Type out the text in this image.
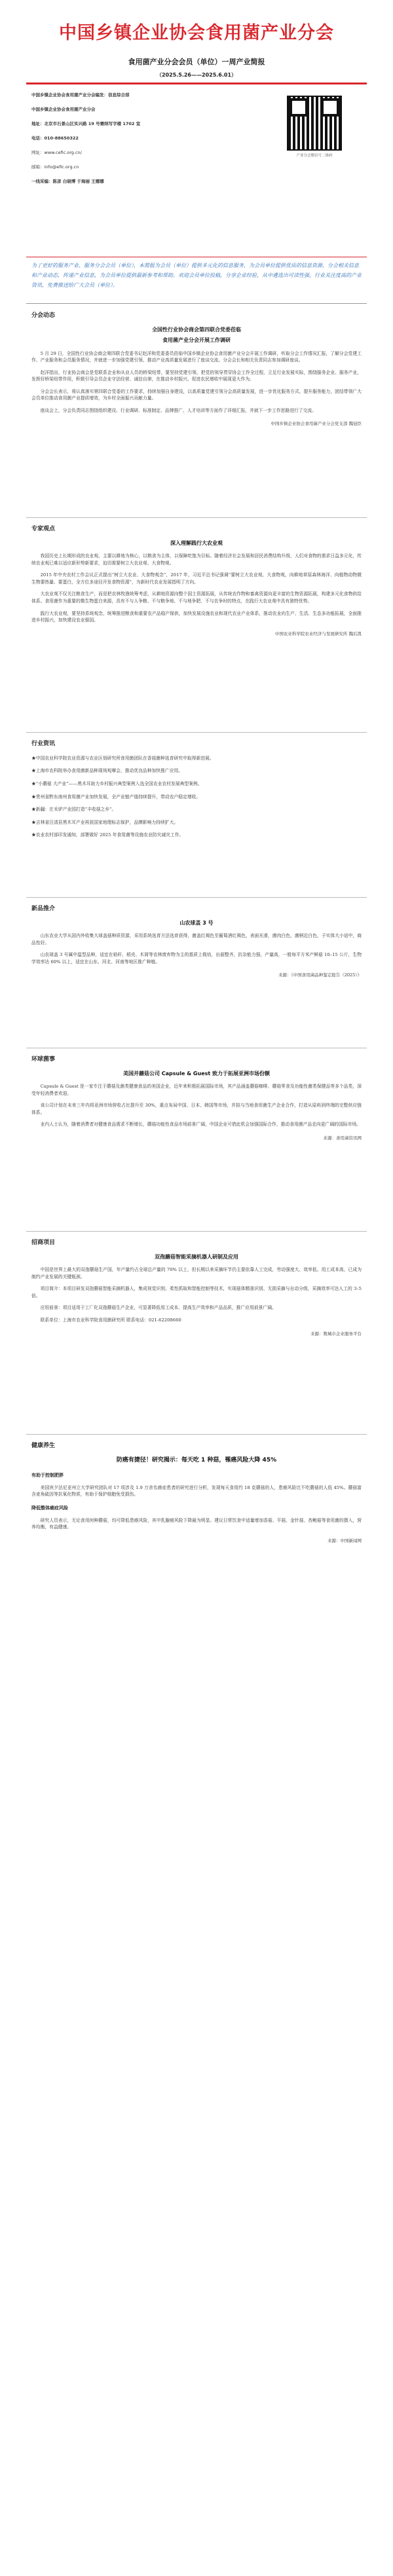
中国乡镇企业协会食用菌产业分会
食用菌产业分会会员（单位）一周产业简报
（2025.5.26——2025.6.01）
中国乡镇企业协会食用菌产业分会编发：信息综合部
中国乡镇企业协会食用菌产业分会
地址：北京市石景山区实兴路 19 号赛纳写字楼 1702 室
电话：010-88650322
网址：www.cefic.org.cn/
邮箱：info@efic.org.cn
一线采编：陈彦 白晓博 于海丽 王娜娜
产业分会微信号二维码
为了更好的服务产业、服务分会会员（单位），本简报为会员（单位）提供多元化的信息服务，为会员单位提供优质的信息资源，分会相关信息和产业动态，传递产业信息，为会员单位提供最新参考和帮助。欢迎会员单位投稿，分享企业经验，从中遴选出可读性强、行业关注度高的产业资讯，免费推送给广大会员（单位）。
分会动态
全国性行业协会商会第四联合党委莅临
食用菌产业分会开展工作调研
5 月 29 日，全国性行业协会商会第四联合党委书记赵洋和党委委员莅临中国乡镇企业协会食用菌产业分会开展工作调研，听取分会工作情况汇报，了解分会党建工作、产业服务和会员服务情况，并就进一步加强党建引领、推动产业高质量发展进行了座谈交流。分会会长和相关负责同志参加调研座谈。
赵洋指出，行业协会商会是党联系企业和从业人员的桥梁纽带，要坚持党建引领，把党的领导贯穿协会工作全过程，立足行业发展实际，围绕服务企业、服务产业，发挥好桥梁纽带作用，积极引导会员企业守法经营、诚信自律，在推动乡村振兴、促进农民增收中展现更大作为。
分会会长表示，将认真落实第四联合党委的工作要求，持续加强自身建设，以高质量党建引领分会高质量发展，进一步优化服务方式、提升服务能力，团结带领广大会员单位推动食用菌产业提质增效，为乡村全面振兴贡献力量。
座谈会上，分会负责同志围绕组织建设、行业调研、标准制定、品牌推广、人才培训等方面作了详细汇报，并就下一步工作思路进行了交流。
中国乡镇企业协会食用菌产业分会党支部 魏冠臣
专家观点
深入理解践行大农业观
我国历史上长期形成的农业观，主要以耕地为核心，以粮食为主体，以保障吃饱为目标。随着经济社会发展和居民消费结构升级，人们对食物的需求日益多元化，传统农业观已难以适应新形势新要求，迫切需要树立大农业观、大食物观。
2015 年中央农村工作会议正式提出“树立大农业、大食物观念”，2017 年，习近平总书记强调“要树立大农业观、大食物观，向耕地草原森林海洋、向植物动物微生物要热量、要蛋白，全方位多途径开发食物资源”，为新时代农业发展指明了方向。
大农业观不仅关注粮食生产，而是把农林牧渔统筹考虑，从耕地资源向整个国土资源拓展，从传统农作物和畜禽资源向更丰富的生物资源拓展，构建多元化食物供给体系。食用菌作为重要的微生物蛋白来源，具有不与人争粮、不与粮争地、不与地争肥、不与农争时的特点，在践行大农业观中具有独特优势。
践行大农业观，要坚持系统观念，统筹推进粮食和重要农产品稳产保供，加快发展设施农业和现代农业产业体系，推动农业向生产、生活、生态多功能拓展，全面推进乡村振兴，加快建设农业强国。
中国农业科学院农业经济与发展研究所 魏后凯
行业资讯
★中国农业科学院农业资源与农业区划研究所食用菌团队在香菇菌种选育研究中取得新进展。
★上海市农科院举办食用菌新品种现场观摩会，推动优良品种加快推广应用。
★“小蘑菇 大产业”——黑木耳助力乡村振兴典型案例入选全国农业农村发展典型案例。
★贵州省黔东南州食用菌产业加快发展，全产业链产值持续提升，带动农户稳定增收。
★新疆：庄禾驴产业园打造“丰收菇之乡”。
★吉林省汪清县黑木耳产业再获国家地理标志保护，品牌影响力持续扩大。
★农业农村部印发通知，部署做好 2025 年食用菌等设施农业防灾减灾工作。
新品推介
山农球盖 3 号
山东农业大学从国内外收集大球盖菇种质资源，采用系统选育方法选育获得，菌盖红褐色至葡萄酒红褐色，表面光滑，菌肉白色，菌柄近白色，子实体大小适中，商品性好。
山农球盖 3 号属中温型品种，适宜在秸秆、稻壳、木屑等农林废弃物为主的基质上栽培，出菇整齐，抗杂能力强，产量高，一般每平方米产鲜菇 10–15 公斤，生物学效率达 60% 以上，适宜在山东、河北、河南等地区推广种植。
来源：《中国食用菌品种鉴定报告（2025）》
环球菌事
美国并蘑菇公司 Capsule & Guest 致力于拓展亚洲市场份额
Capsule & Guest 是一家专注于蘑菇及菌类健康食品的美国企业，近年来积极拓展国际市场，其产品涵盖蘑菇咖啡、蘑菇零食及功能性菌类保健品等多个品类，深受年轻消费者欢迎。
该公司计划在未来三年内将亚洲市场营收占比提升至 30%，重点布局中国、日本、韩国等市场，并拟与当地食用菌生产企业合作，打造从原料到终端的完整供应链体系。
业内人士认为，随着消费者对健康食品需求不断增长，蘑菇功能性食品市场前景广阔，中国企业可借此机会加强国际合作，推动食用菌产品走向更广阔的国际市场。
来源：食用菌资讯网
招商项目
双孢蘑菇智能采摘机器人研制及应用
中国是世界上最大的双孢蘑菇生产国，年产量约占全球总产量的 70% 以上，但长期以来采摘环节仍主要依靠人工完成，劳动强度大、效率低、用工成本高，已成为制约产业发展的关键瓶颈。
项目简介：本项目研发双孢蘑菇智能采摘机器人，集成视觉识别、柔性抓取和智能控制等技术，实现菇体精准识别、无损采摘与自动分级，采摘效率可达人工的 3–5 倍。
应用前景：项目适用于工厂化双孢蘑菇生产企业，可显著降低用工成本、提高生产效率和产品品质，推广应用前景广阔。
联系单位：上海市农业科学院食用菌研究所 联系电话：021-62208660
来源：数城市企业服务平台
健康养生
防癌有捷径！研究揭示：每天吃 1 种菇，罹癌风险大降 45%
有助于控制肥胖
美国宾夕法尼亚州立大学研究团队对 17 项涉及 1.9 万余名癌症患者的研究进行分析，发现每天食用约 18 克蘑菇的人，患癌风险比不吃蘑菇的人低 45%。蘑菇富含麦角硫因等抗氧化物质，有助于保护细胞免受损伤。
降低整体癌症风险
研究人员表示，无论食用何种蘑菇，均可降低患癌风险，其中乳腺癌风险下降最为明显。建议日常饮食中适量增加香菇、平菇、金针菇、杏鲍菇等食用菌的摄入，营养均衡，有益健康。
来源：中国新闻网
